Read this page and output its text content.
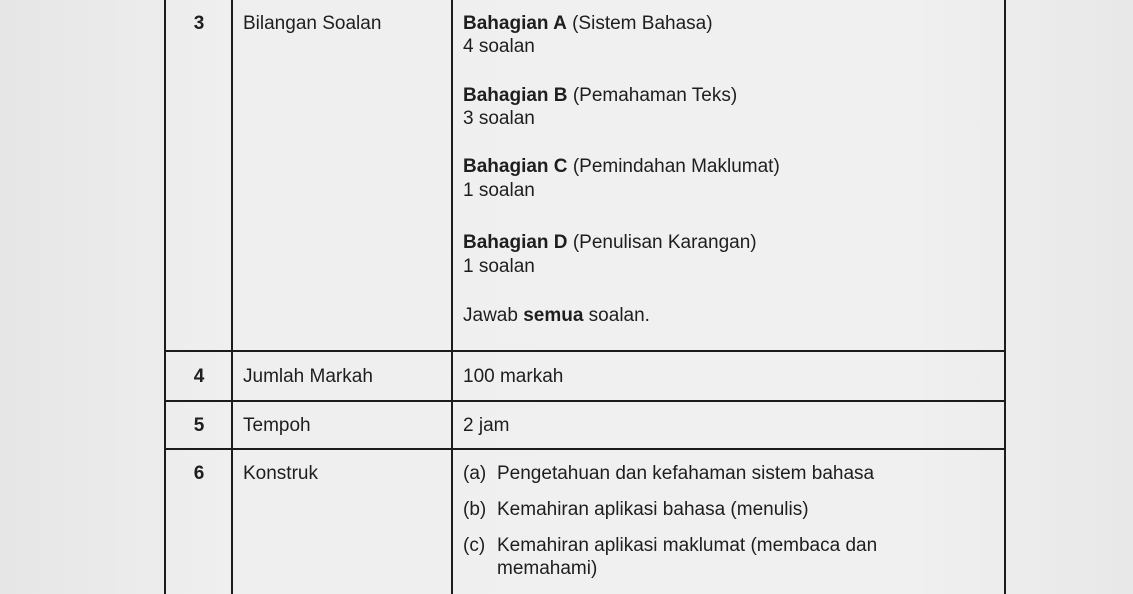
3	Bilangan Soalan	Bahagian A (Sistem Bahasa)
4 soalan
Bahagian B (Pemahaman Teks)
3 soalan
Bahagian C (Pemindahan Maklumat)
1 soalan
Bahagian D (Penulisan Karangan)
1 soalan
Jawab semua soalan.
4	Jumlah Markah	100 markah
5	Tempoh	2 jam
6	Konstruk	(a) Pengetahuan dan kefahaman sistem bahasa
(b) Kemahiran aplikasi bahasa (menulis)
(c) Kemahiran aplikasi maklumat (membaca dan
memahami)
